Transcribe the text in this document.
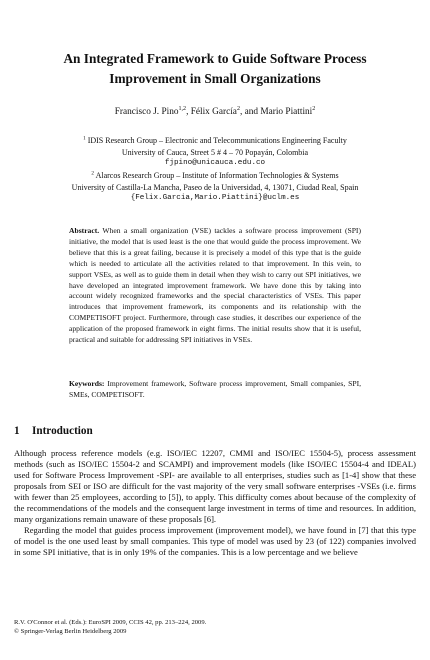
An Integrated Framework to Guide Software Process
Improvement in Small Organizations
Francisco J. Pino$^{1,2}$, Félix García$^2$, and Mario Piattini$^2$
$^1$ IDIS Research Group – Electronic and Telecommunications Engineering Faculty
University of Cauca, Street 5 # 4 – 70 Popayán, Colombia
fjpino@unicauca.edu.co
$^2$ Alarcos Research Group – Institute of Information Technologies & Systems
University of Castilla-La Mancha, Paseo de la Universidad, 4, 13071, Ciudad Real, Spain
{Felix.Garcia,Mario.Piattini}@uclm.es
Abstract. When a small organization (VSE) tackles a software process improvement (SPI) initiative, the model that is used least is the one that would guide the process improvement. We believe that this is a great failing, because it is precisely a model of this type that is the guide which is needed to articulate all the activities related to that improvement. In this vein, to support VSEs, as well as to guide them in detail when they wish to carry out SPI initiatives, we have developed an integrated improvement framework. We have done this by taking into account widely recognized frameworks and the special characteristics of VSEs. This paper introduces that improvement framework, its components and its relationship with the COMPETISOFT project. Furthermore, through case studies, it describes our experience of the application of the proposed framework in eight firms. The initial results show that it is useful, practical and suitable for addressing SPI initiatives in VSEs.
Keywords: Improvement framework, Software process improvement, Small companies, SPI, SMEs, COMPETISOFT.
1 Introduction

Although process reference models (e.g. ISO/IEC 12207, CMMI and ISO/IEC 15504-5), process assessment methods (such as ISO/IEC 15504-2 and SCAMPI) and improvement models (like ISO/IEC 15504-4 and IDEAL) used for Software Process Improvement -SPI- are available to all enterprises, studies such as [1-4] show that these proposals from SEI or ISO are difficult for the vast majority of the very small software enterprises -VSEs (i.e. firms with fewer than 25 employees, according to [5]), to apply. This difficulty comes about because of the complexity of the recommendations of the models and the consequent large investment in terms of time and resources. In addition, many organizations remain unaware of these proposals [6].

Regarding the model that guides process improvement (improvement model), we have found in [7] that this type of model is the one used least by small companies. This type of model was used by 23 (of 122) companies involved in some SPI initiative, that is in only 19% of the companies. This is a low percentage and we believe

R.V. O'Connor et al. (Eds.): EuroSPI 2009, CCIS 42, pp. 213–224, 2009.
© Springer-Verlag Berlin Heidelberg 2009
